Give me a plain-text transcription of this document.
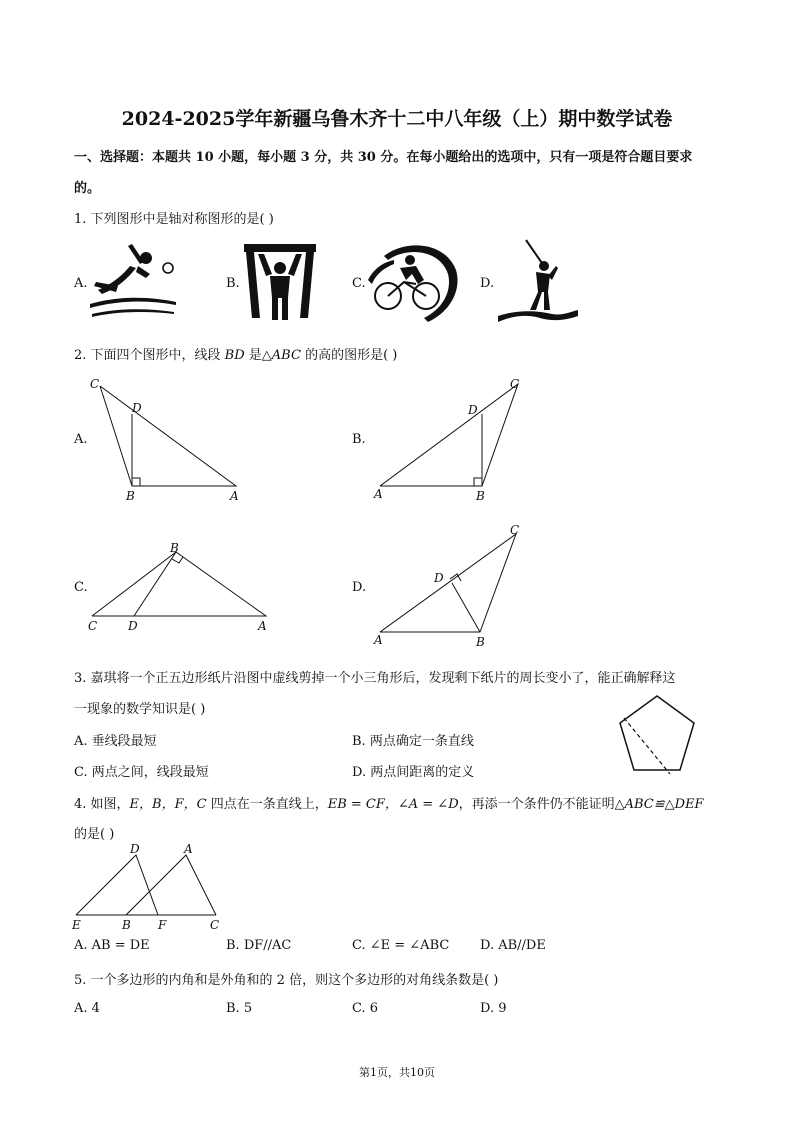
2024-2025学年新疆乌鲁木齐十二中八年级（上）期中数学试卷
一、选择题：本题共 10 小题，每小题 3 分，共 30 分。在每小题给出的选项中，只有一项是符合题目要求
的。
1. 下列图形中是轴对称图形的是( )
A.	B.	C.	D.
2. 下面四个图形中，线段 BD 是△ABC 的高的图形是( )
A.	B.
C.	D.
C
D
B	A
C
D
B
A
B
C	D	A
C
D
B
A
3. 嘉琪将一个正五边形纸片沿图中虚线剪掉一个小三角形后，发现剩下纸片的周长变小了，能正确解释这
一现象的数学知识是( )
A. 垂线段最短	B. 两点确定一条直线
C. 两点之间，线段最短	D. 两点间距离的定义
4. 如图，E，B，F，C 四点在一条直线上，EB = CF，∠A = ∠D，再添一个条件仍不能证明△ABC≌△DEF
的是( )
D	A
E	B F	C
A. AB = DE	B. DF//AC	C. ∠E = ∠ABC D. AB//DE
5. 一个多边形的内角和是外角和的 2 倍，则这个多边形的对角线条数是( )
A. 4	B. 5	C. 6	D. 9
第1页，共10页
